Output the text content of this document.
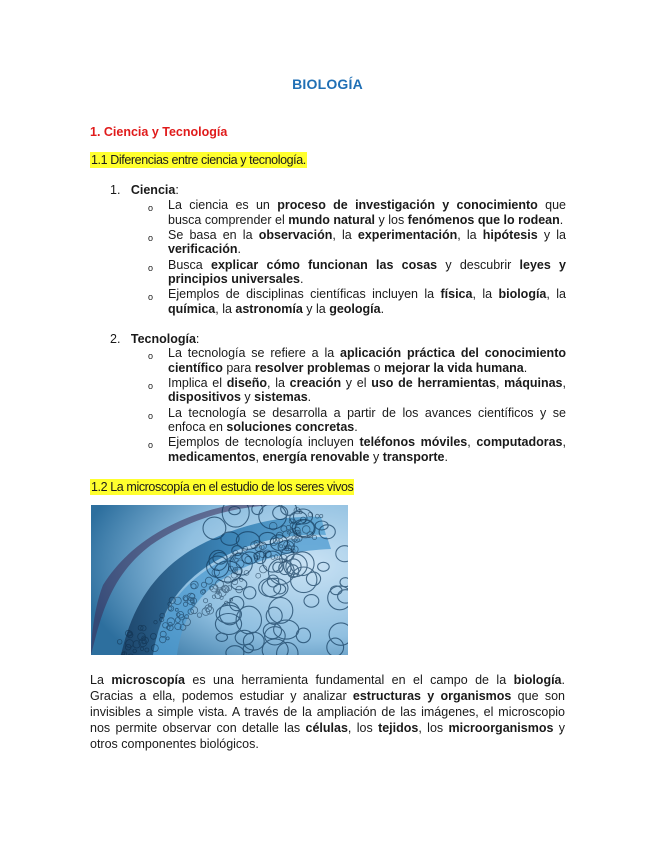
BIOLOGÍA
1. Ciencia y Tecnología
1.1 Diferencias entre ciencia y tecnología.
1. Ciencia:
o La ciencia es un proceso de investigación y conocimiento que busca comprender el mundo natural y los fenómenos que lo rodean.
o Se basa en la observación, la experimentación, la hipótesis y la verificación.
o Busca explicar cómo funcionan las cosas y descubrir leyes y principios universales.
o Ejemplos de disciplinas científicas incluyen la física, la biología, la química, la astronomía y la geología.
2. Tecnología:
o La tecnología se refiere a la aplicación práctica del conocimiento científico para resolver problemas o mejorar la vida humana.
o Implica el diseño, la creación y el uso de herramientas, máquinas, dispositivos y sistemas.
o La tecnología se desarrolla a partir de los avances científicos y se enfoca en soluciones concretas.
o Ejemplos de tecnología incluyen teléfonos móviles, computadoras, medicamentos, energía renovable y transporte.
1.2 La microscopía en el estudio de los seres vivos
La microscopía es una herramienta fundamental en el campo de la biología. Gracias a ella, podemos estudiar y analizar estructuras y organismos que son invisibles a simple vista. A través de la ampliación de las imágenes, el microscopio nos permite observar con detalle las células, los tejidos, los microorganismos y otros componentes biológicos.
